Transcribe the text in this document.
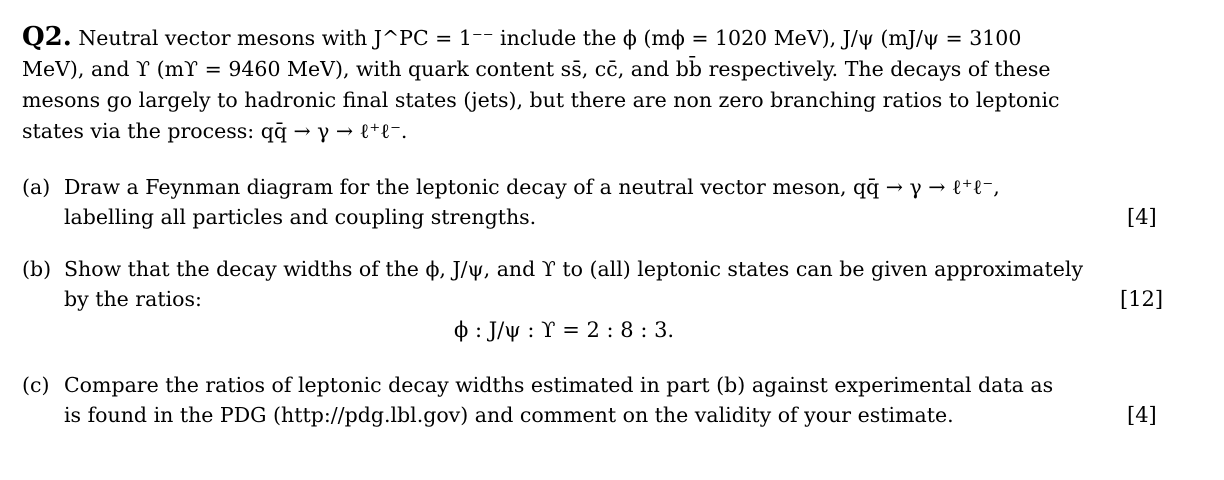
Q2. Neutral vector mesons with J^PC = 1⁻⁻ include the ϕ (mϕ = 1020 MeV), J/ψ (mJ/ψ = 3100
MeV), and ϒ (mϒ = 9460 MeV), with quark content ss̄, cc̄, and bb̄ respectively. The decays of these
mesons go largely to hadronic final states (jets), but there are non zero branching ratios to leptonic
states via the process: qq̄ → γ → ℓ⁺ℓ⁻.
(a) Draw a Feynman diagram for the leptonic decay of a neutral vector meson, qq̄ → γ → ℓ⁺ℓ⁻,
labelling all particles and coupling strengths.	[4]
(b) Show that the decay widths of the ϕ, J/ψ, and ϒ to (all) leptonic states can be given approximately
by the ratios:	[12]
ϕ : J/ψ : ϒ = 2 : 8 : 3.
(c) Compare the ratios of leptonic decay widths estimated in part (b) against experimental data as
is found in the PDG (http://pdg.lbl.gov) and comment on the validity of your estimate.	[4]
